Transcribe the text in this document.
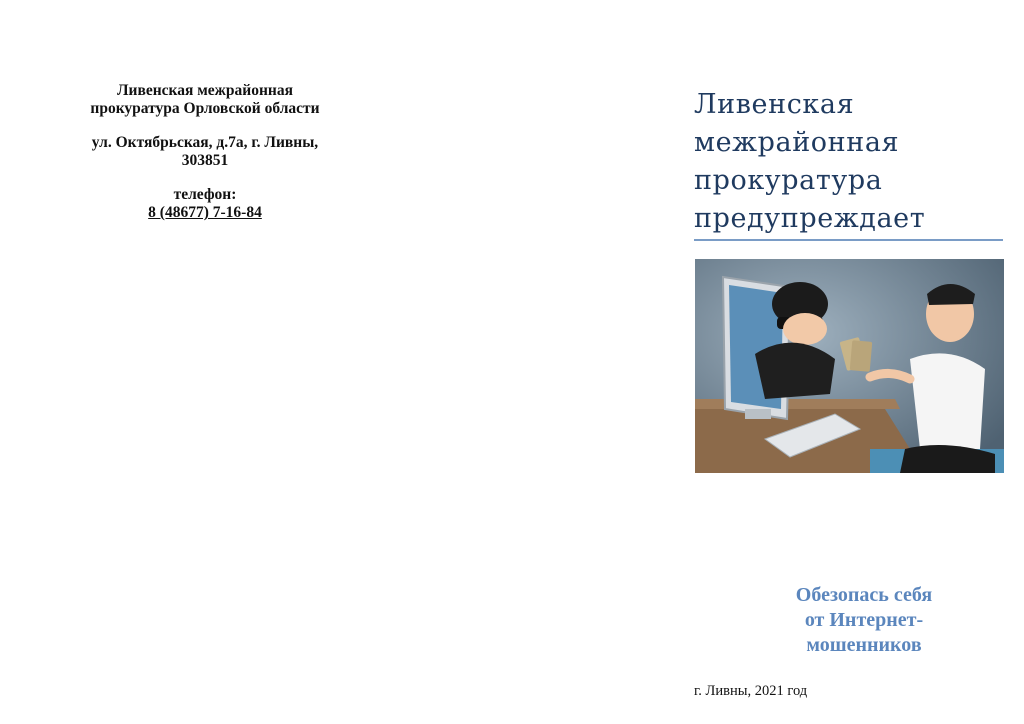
Ливенская межрайонная
прокуратура Орловской области
ул. Октябрьская, д.7а, г. Ливны,
303851
телефон:
8 (48677) 7-16-84
Ливенская
межрайонная
прокуратура
предупреждает
Обезопась себя
от Интернет-
мошенников
г. Ливны, 2021 год
